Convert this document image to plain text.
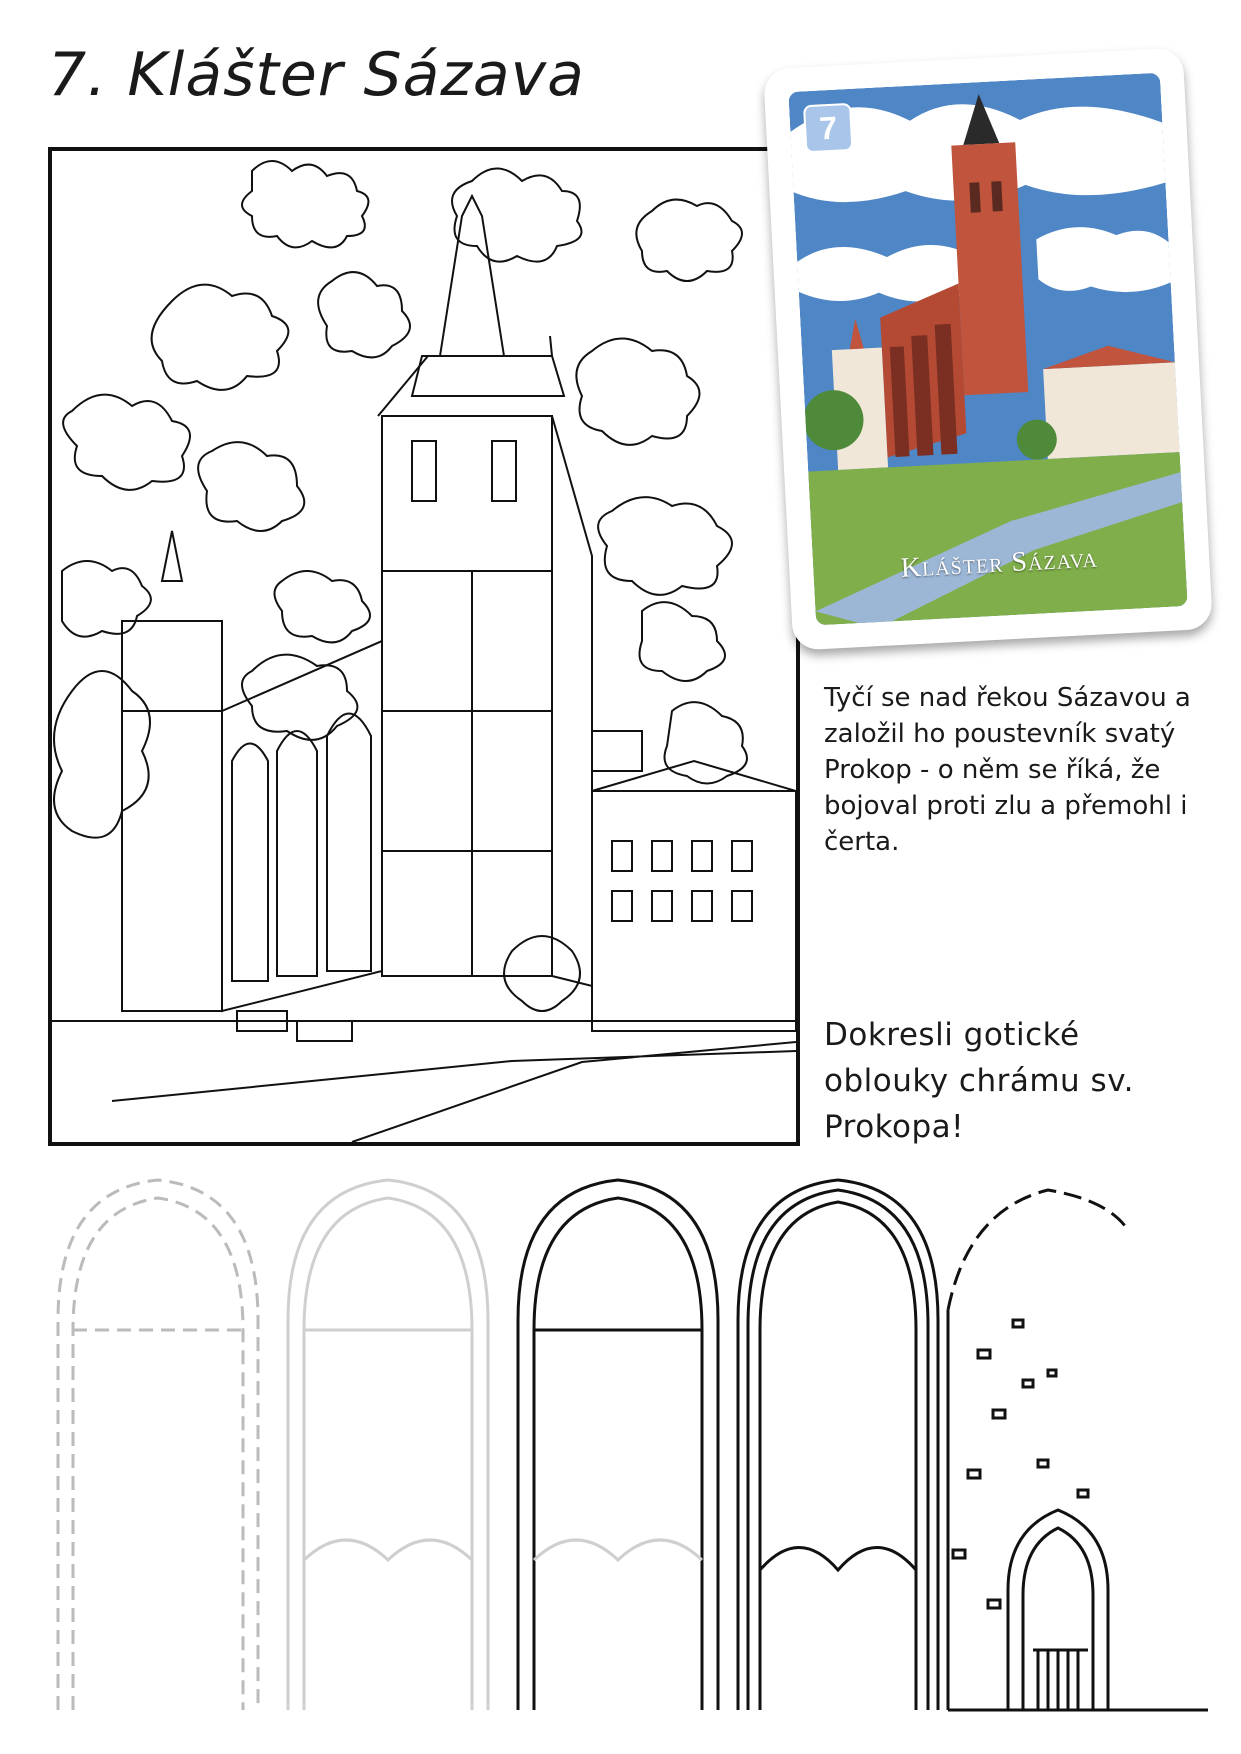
7. Klášter Sázava
7
Klášter Sázava

Tyčí se nad řekou Sázavou a založil ho poustevník svatý Prokop - o něm se říká, že bojoval proti zlu a přemohl i čerta.

Dokresli gotické oblouky chrámu sv. Prokopa!
